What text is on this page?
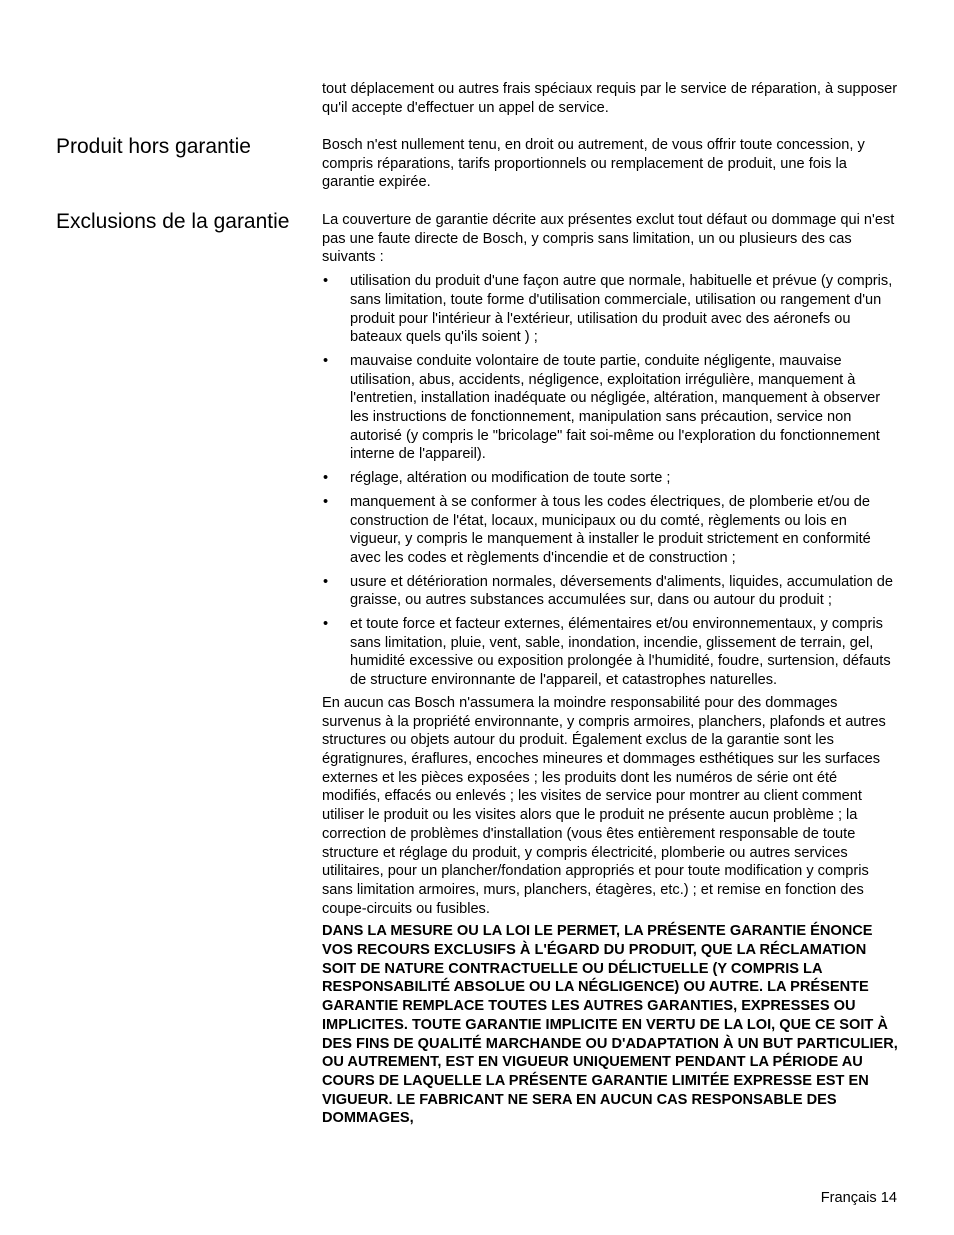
tout déplacement ou autres frais spéciaux requis par le service de réparation, à supposer qu'il accepte d'effectuer un appel de service.

Produit hors garantie	Bosch n'est nullement tenu, en droit ou autrement, de vous offrir toute concession, y compris réparations, tarifs proportionnels ou remplacement de produit, une fois la garantie expirée.

Exclusions de la garantie La couverture de garantie décrite aux présentes exclut tout défaut ou dommage qui n'est pas une faute directe de Bosch, y compris sans limitation, un ou plusieurs des cas suivants :

• utilisation du produit d'une façon autre que normale, habituelle et prévue (y compris, sans limitation, toute forme d'utilisation commerciale, utilisation ou rangement d'un produit pour l'intérieur à l'extérieur, utilisation du produit avec des aéronefs ou bateaux quels qu'ils soient ) ;
• mauvaise conduite volontaire de toute partie, conduite négligente, mauvaise utilisation, abus, accidents, négligence, exploitation irrégulière, manquement à l'entretien, installation inadéquate ou négligée, altération, manquement à observer les instructions de fonctionnement, manipulation sans précaution, service non autorisé (y compris le "bricolage" fait soi-même ou l'exploration du fonctionnement interne de l'appareil).
• réglage, altération ou modification de toute sorte ;
• manquement à se conformer à tous les codes électriques, de plomberie et/ou de construction de l'état, locaux, municipaux ou du comté, règlements ou lois en vigueur, y compris le manquement à installer le produit strictement en conformité avec les codes et règlements d'incendie et de construction ;
• usure et détérioration normales, déversements d'aliments, liquides, accumulation de graisse, ou autres substances accumulées sur, dans ou autour du produit ;
• et toute force et facteur externes, élémentaires et/ou environnementaux, y compris sans limitation, pluie, vent, sable, inondation, incendie, glissement de terrain, gel, humidité excessive ou exposition prolongée à l'humidité, foudre, surtension, défauts de structure environnante de l'appareil, et catastrophes naturelles.

En aucun cas Bosch n'assumera la moindre responsabilité pour des dommages survenus à la propriété environnante, y compris armoires, planchers, plafonds et autres structures ou objets autour du produit. Également exclus de la garantie sont les égratignures, éraflures, encoches mineures et dommages esthétiques sur les surfaces externes et les pièces exposées ; les produits dont les numéros de série ont été modifiés, effacés ou enlevés ; les visites de service pour montrer au client comment utiliser le produit ou les visites alors que le produit ne présente aucun problème ; la correction de problèmes d'installation (vous êtes entièrement responsable de toute structure et réglage du produit, y compris électricité, plomberie ou autres services utilitaires, pour un plancher/fondation appropriés et pour toute modification y compris sans limitation armoires, murs, planchers, étagères, etc.) ; et remise en fonction des coupe-circuits ou fusibles.

DANS LA MESURE OU LA LOI LE PERMET, LA PRÉSENTE GARANTIE ÉNONCE VOS RECOURS EXCLUSIFS À L'ÉGARD DU PRODUIT, QUE LA RÉCLAMATION SOIT DE NATURE CONTRACTUELLE OU DÉLICTUELLE (Y COMPRIS LA RESPONSABILITÉ ABSOLUE OU LA NÉGLIGENCE) OU AUTRE. LA PRÉSENTE GARANTIE REMPLACE TOUTES LES AUTRES GARANTIES, EXPRESSES OU IMPLICITES. TOUTE GARANTIE IMPLICITE EN VERTU DE LA LOI, QUE CE SOIT À DES FINS DE QUALITÉ MARCHANDE OU D'ADAPTATION À UN BUT PARTICULIER, OU AUTREMENT, EST EN VIGUEUR UNIQUEMENT PENDANT LA PÉRIODE AU COURS DE LAQUELLE LA PRÉSENTE GARANTIE LIMITÉE EXPRESSE EST EN VIGUEUR. LE FABRICANT NE SERA EN AUCUN CAS RESPONSABLE DES DOMMAGES,

Français 14
